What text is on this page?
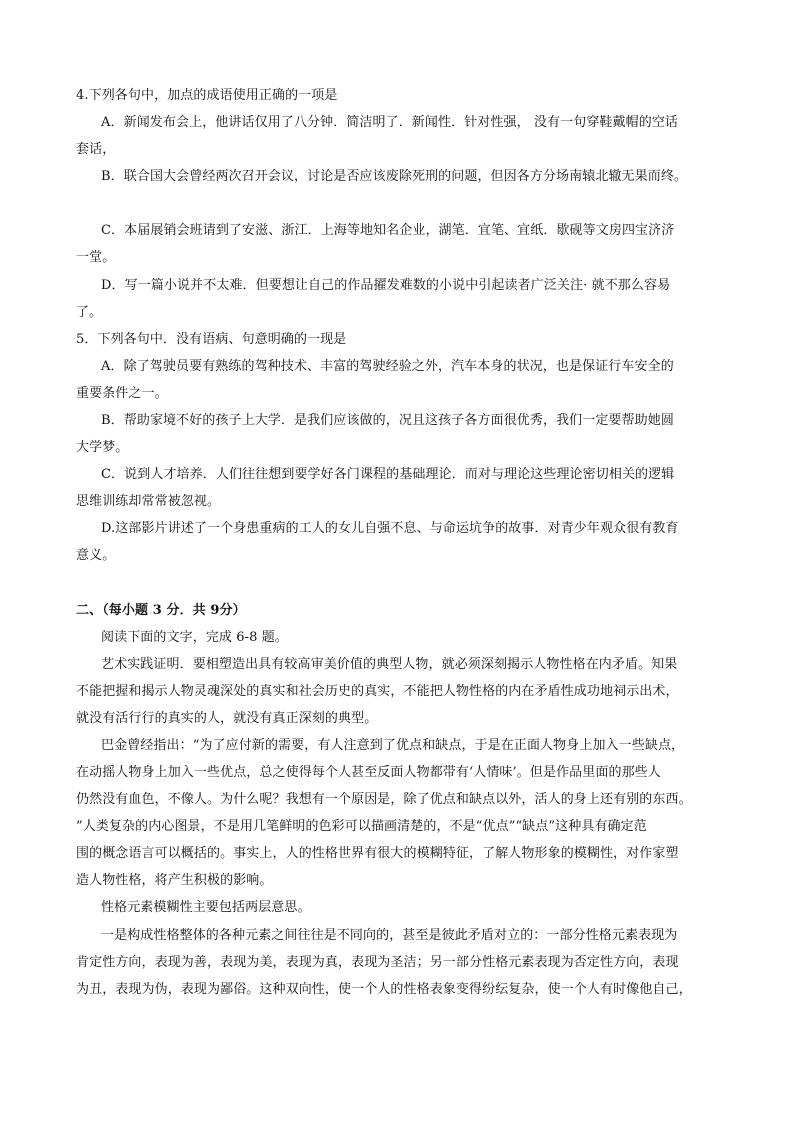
4.下列各句中，加点的成语使用正确的一项是
A．新闻发布会上，他讲话仅用了八分钟．简洁明了．新闻性．针对性强， 没有一句穿鞋戴帽的空话
套话，
B．联合国大会曾经两次召开会议，讨论是否应该废除死刑的问题，但因各方分场南辕北辙无果而终。
C．本届展销会班请到了安滋、浙江．上海等地知名企业，湖笔．宜笔、宜纸．歇砚等文房四宝济济
一堂。
D．写一篇小说并不太难．但要想让自己的作品擢发难数的小说中引起读者广泛关注· 就不那么容易
了。
5．下列各句中．没有语病、句意明确的一现是
A．除了驾驶员要有熟练的驾种技术、丰富的驾驶经验之外，汽车本身的状况，也是保证行车安全的
重要条件之一。
B．帮助家境不好的孩子上大学．是我们应该做的，况且这孩子各方面很优秀，我们一定要帮助她圆
大学梦。
C．说到人才培养．人们往往想到要学好各门课程的基础理论．而对与理论这些理论密切相关的逻辑
思维训练却常常被忽视。
D.这部影片讲述了一个身患重病的工人的女儿自强不息、与命运坑争的故事．对青少年观众很有教育
意义。
二、（每小题 3 分．共 9分）
阅读下面的文字，完成 6-8 题。
艺术实践证明．要相塑造出具有较高审美价值的典型人物，就必须深刻揭示人物性格在内矛盾。知果
不能把握和揭示人物灵魂深处的真实和社会历史的真实，不能把人物性格的内在矛盾性成功地祠示出术，
就没有活行行的真实的人，就没有真正深刻的典型。
巴金曾经指出：“为了应付新的需要，有人注意到了优点和缺点，于是在正面人物身上加入一些缺点，
在动摇人物身上加入一些优点，总之使得每个人甚至反面人物都带有‘人情味’。但是作品里面的那些人
仍然没有血色，不像人。为什么呢？我想有一个原因是，除了优点和缺点以外，活人的身上还有别的东西。
”人类复杂的内心图景，不是用几笔鲜明的色彩可以描画清楚的，不是“优点”“缺点”这种具有确定范
围的概念语言可以概括的。事实上，人的性格世界有很大的模糊特征，了解人物形象的模糊性，对作家塑
造人物性格，将产生积极的影响。
性格元素模糊性主要包括两层意思。
一是构成性格整体的各种元素之间往往是不同向的，甚至是彼此矛盾对立的：一部分性格元素表现为
肯定性方向，表现为善，表现为美，表现为真，表现为圣洁；另一部分性格元素表现为否定性方向，表现
为丑，表现为伪，表现为鄙俗。这种双向性，使一个人的性格表象变得纷纭复杂，使一个人有时像他自己，
